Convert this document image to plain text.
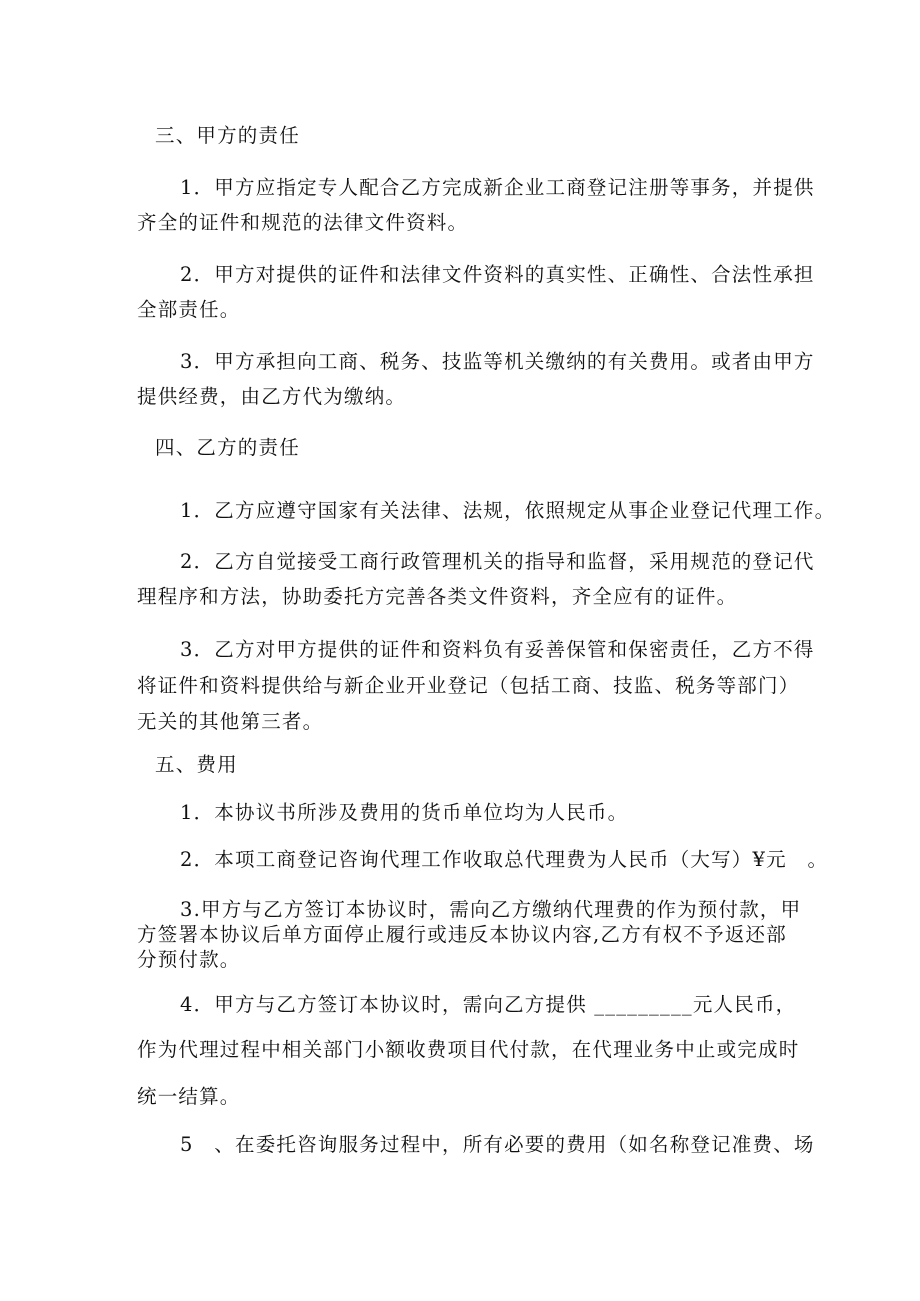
三、甲方的责任
1．甲方应指定专人配合乙方完成新企业工商登记注册等事务，并提供
齐全的证件和规范的法律文件资料。
2．甲方对提供的证件和法律文件资料的真实性、正确性、合法性承担
全部责任。
3．甲方承担向工商、税务、技监等机关缴纳的有关费用。或者由甲方
提供经费，由乙方代为缴纳。
四、乙方的责任
1．乙方应遵守国家有关法律、法规，依照规定从事企业登记代理工作。
2．乙方自觉接受工商行政管理机关的指导和监督，采用规范的登记代
理程序和方法，协助委托方完善各类文件资料，齐全应有的证件。
3．乙方对甲方提供的证件和资料负有妥善保管和保密责任，乙方不得
将证件和资料提供给与新企业开业登记（包括工商、技监、税务等部门）
无关的其他第三者。
五、费用
1．本协议书所涉及费用的货币单位均为人民币。
2．本项工商登记咨询代理工作收取总代理费为人民币（大写）¥元　。
3.甲方与乙方签订本协议时，需向乙方缴纳代理费的作为预付款，甲
方签署本协议后单方面停止履行或违反本协议内容,乙方有权不予返还部
分预付款。
4．甲方与乙方签订本协议时，需向乙方提供 _________元人民币，
作为代理过程中相关部门小额收费项目代付款，在代理业务中止或完成时
统一结算。
5　、在委托咨询服务过程中，所有必要的费用（如名称登记准费、场
